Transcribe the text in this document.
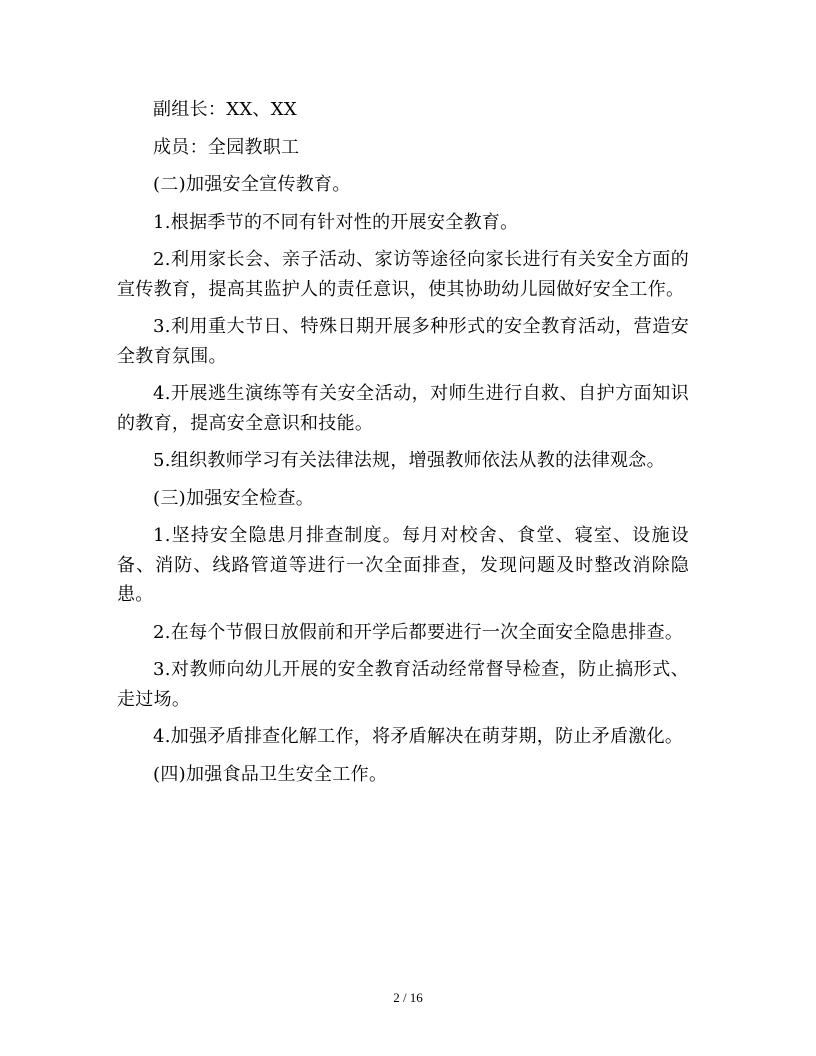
副组长：XX、XX

成员：全园教职工

(二)加强安全宣传教育。

1.根据季节的不同有针对性的开展安全教育。

2.利用家长会、亲子活动、家访等途径向家长进行有关安全方面的宣传教育，提高其监护人的责任意识，使其协助幼儿园做好安全工作。

3.利用重大节日、特殊日期开展多种形式的安全教育活动，营造安全教育氛围。

4.开展逃生演练等有关安全活动，对师生进行自救、自护方面知识的教育，提高安全意识和技能。

5.组织教师学习有关法律法规，增强教师依法从教的法律观念。

(三)加强安全检查。

1.坚持安全隐患月排查制度。每月对校舍、食堂、寝室、设施设备、消防、线路管道等进行一次全面排查，发现问题及时整改消除隐患。

2.在每个节假日放假前和开学后都要进行一次全面安全隐患排查。

3.对教师向幼儿开展的安全教育活动经常督导检查，防止搞形式、走过场。

4.加强矛盾排查化解工作，将矛盾解决在萌芽期，防止矛盾激化。

(四)加强食品卫生安全工作。

2 / 16
